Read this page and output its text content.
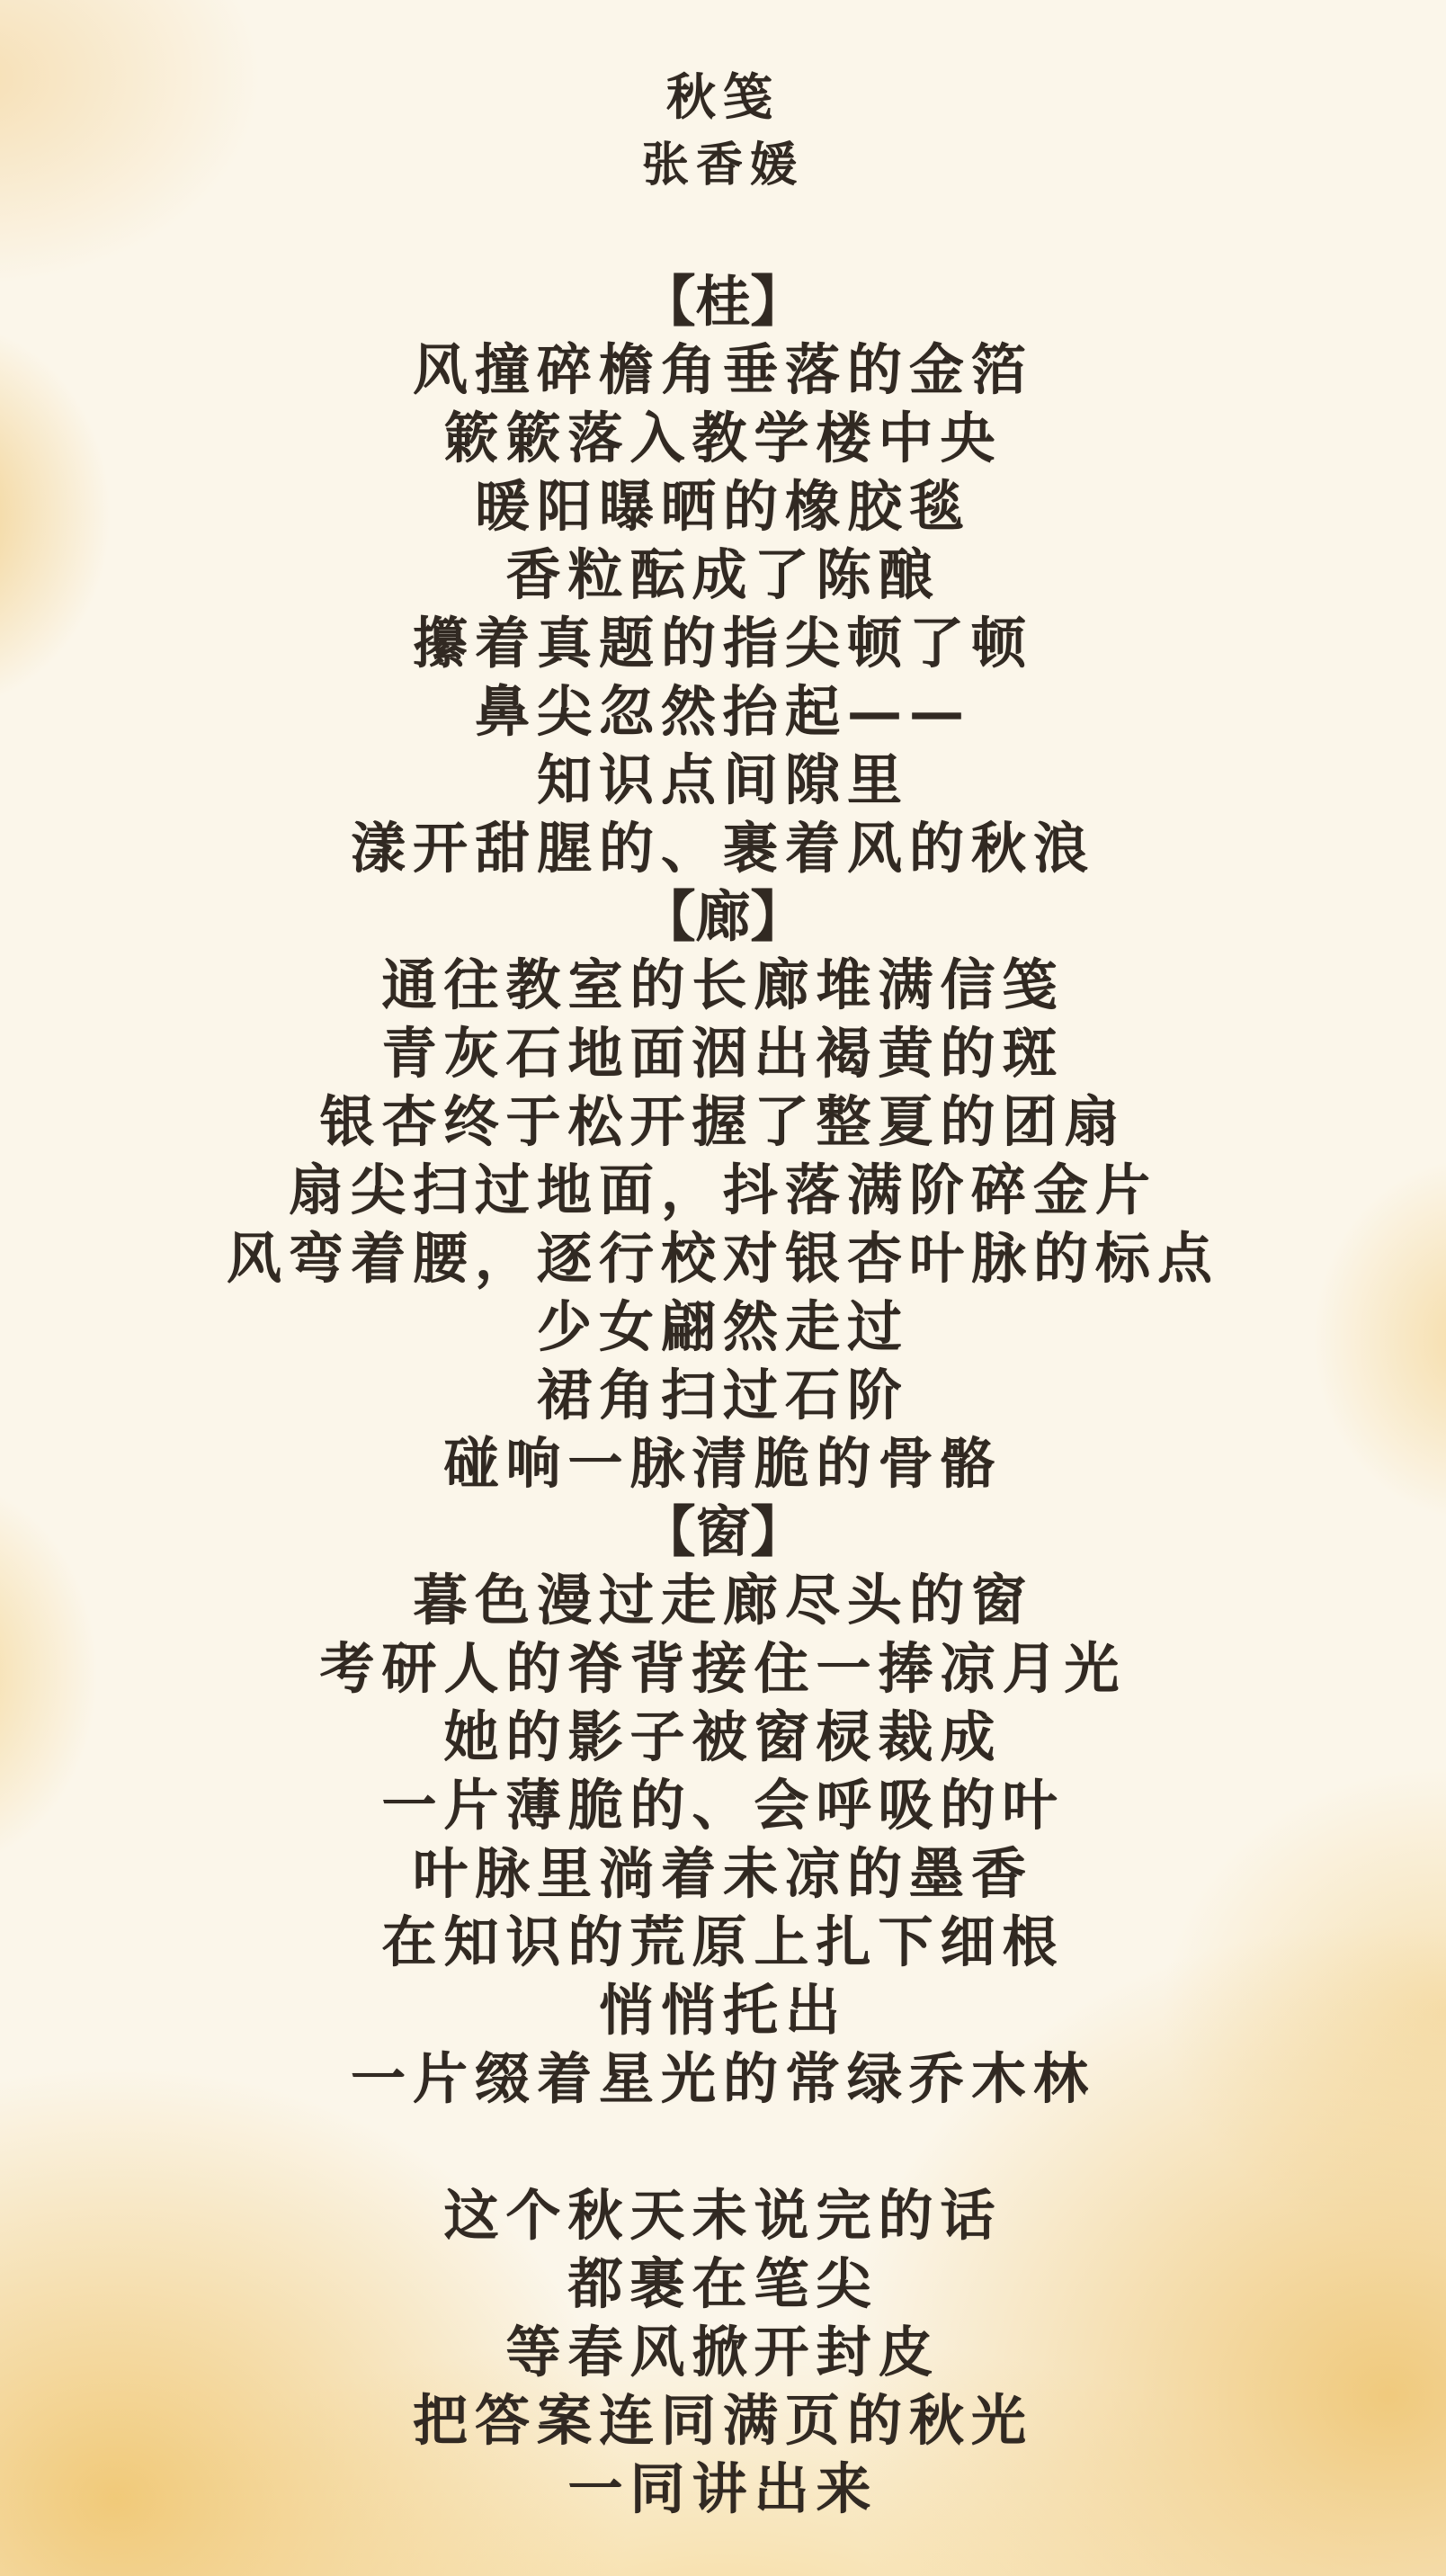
秋笺
张香媛
【桂】
风撞碎檐角垂落的金箔
簌簌落入教学楼中央
暖阳曝晒的橡胶毯
香粒酝成了陈酿
攥着真题的指尖顿了顿
鼻尖忽然抬起——
知识点间隙里
漾开甜腥的、裹着风的秋浪
【廊】
通往教室的长廊堆满信笺
青灰石地面洇出褐黄的斑
银杏终于松开握了整夏的团扇
扇尖扫过地面，抖落满阶碎金片
风弯着腰，逐行校对银杏叶脉的标点
少女翩然走过
裙角扫过石阶
碰响一脉清脆的骨骼
【窗】
暮色漫过走廊尽头的窗
考研人的脊背接住一捧凉月光
她的影子被窗棂裁成
一片薄脆的、会呼吸的叶
叶脉里淌着未凉的墨香
在知识的荒原上扎下细根
悄悄托出
一片缀着星光的常绿乔木林
这个秋天未说完的话
都裹在笔尖
等春风掀开封皮
把答案连同满页的秋光
一同讲出来
